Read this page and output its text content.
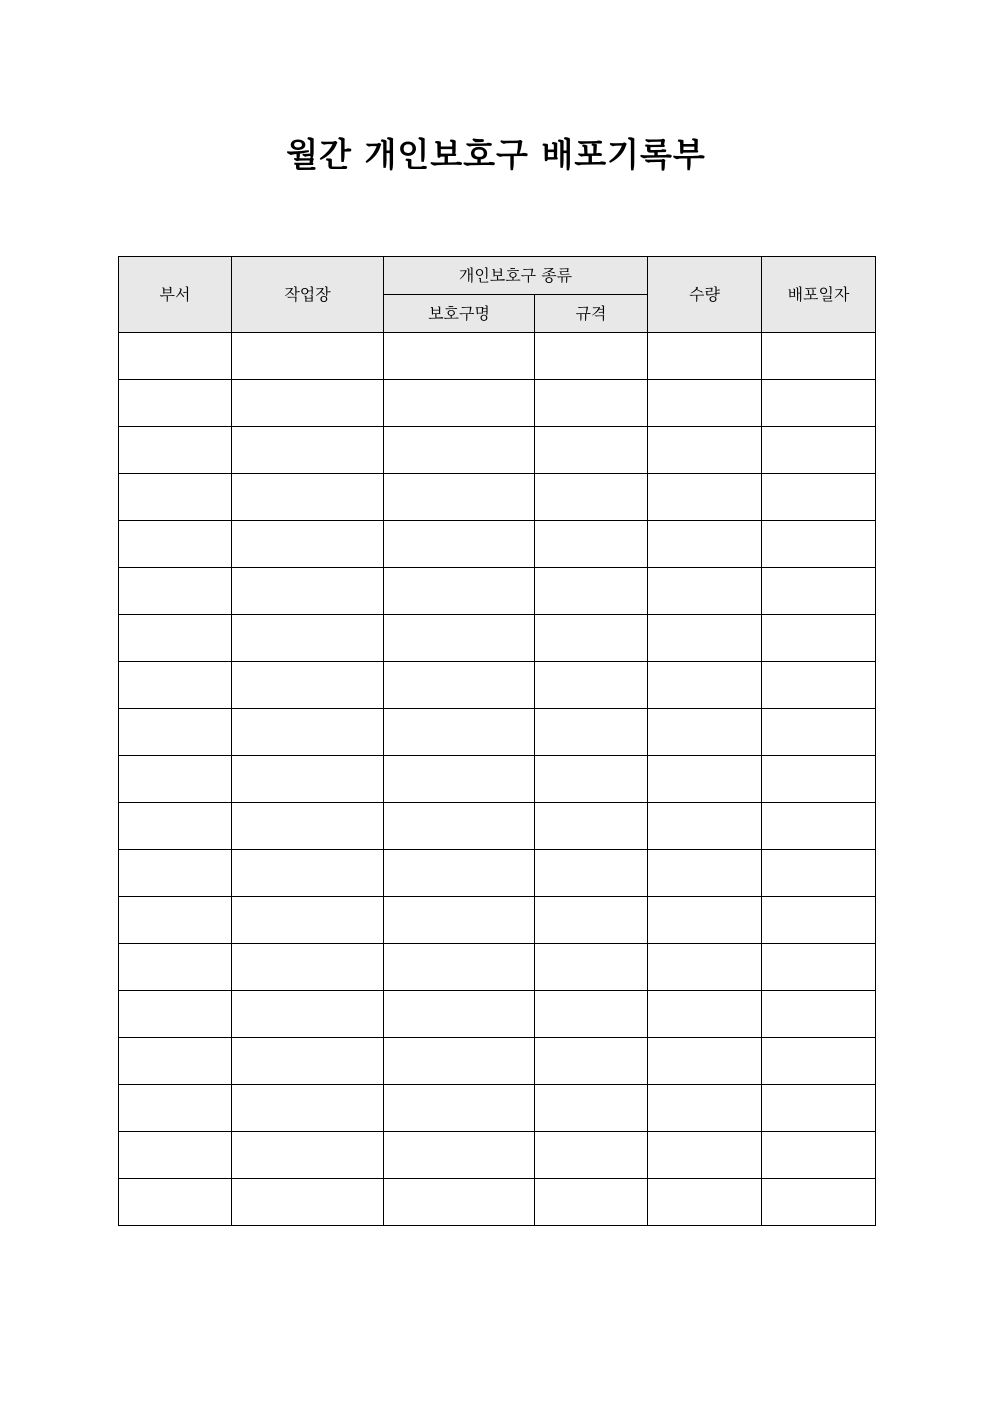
월간 개인보호구 배포기록부
부서	작업장	개인보호구 종류		수량	배포일자
		보호구명	규격		
